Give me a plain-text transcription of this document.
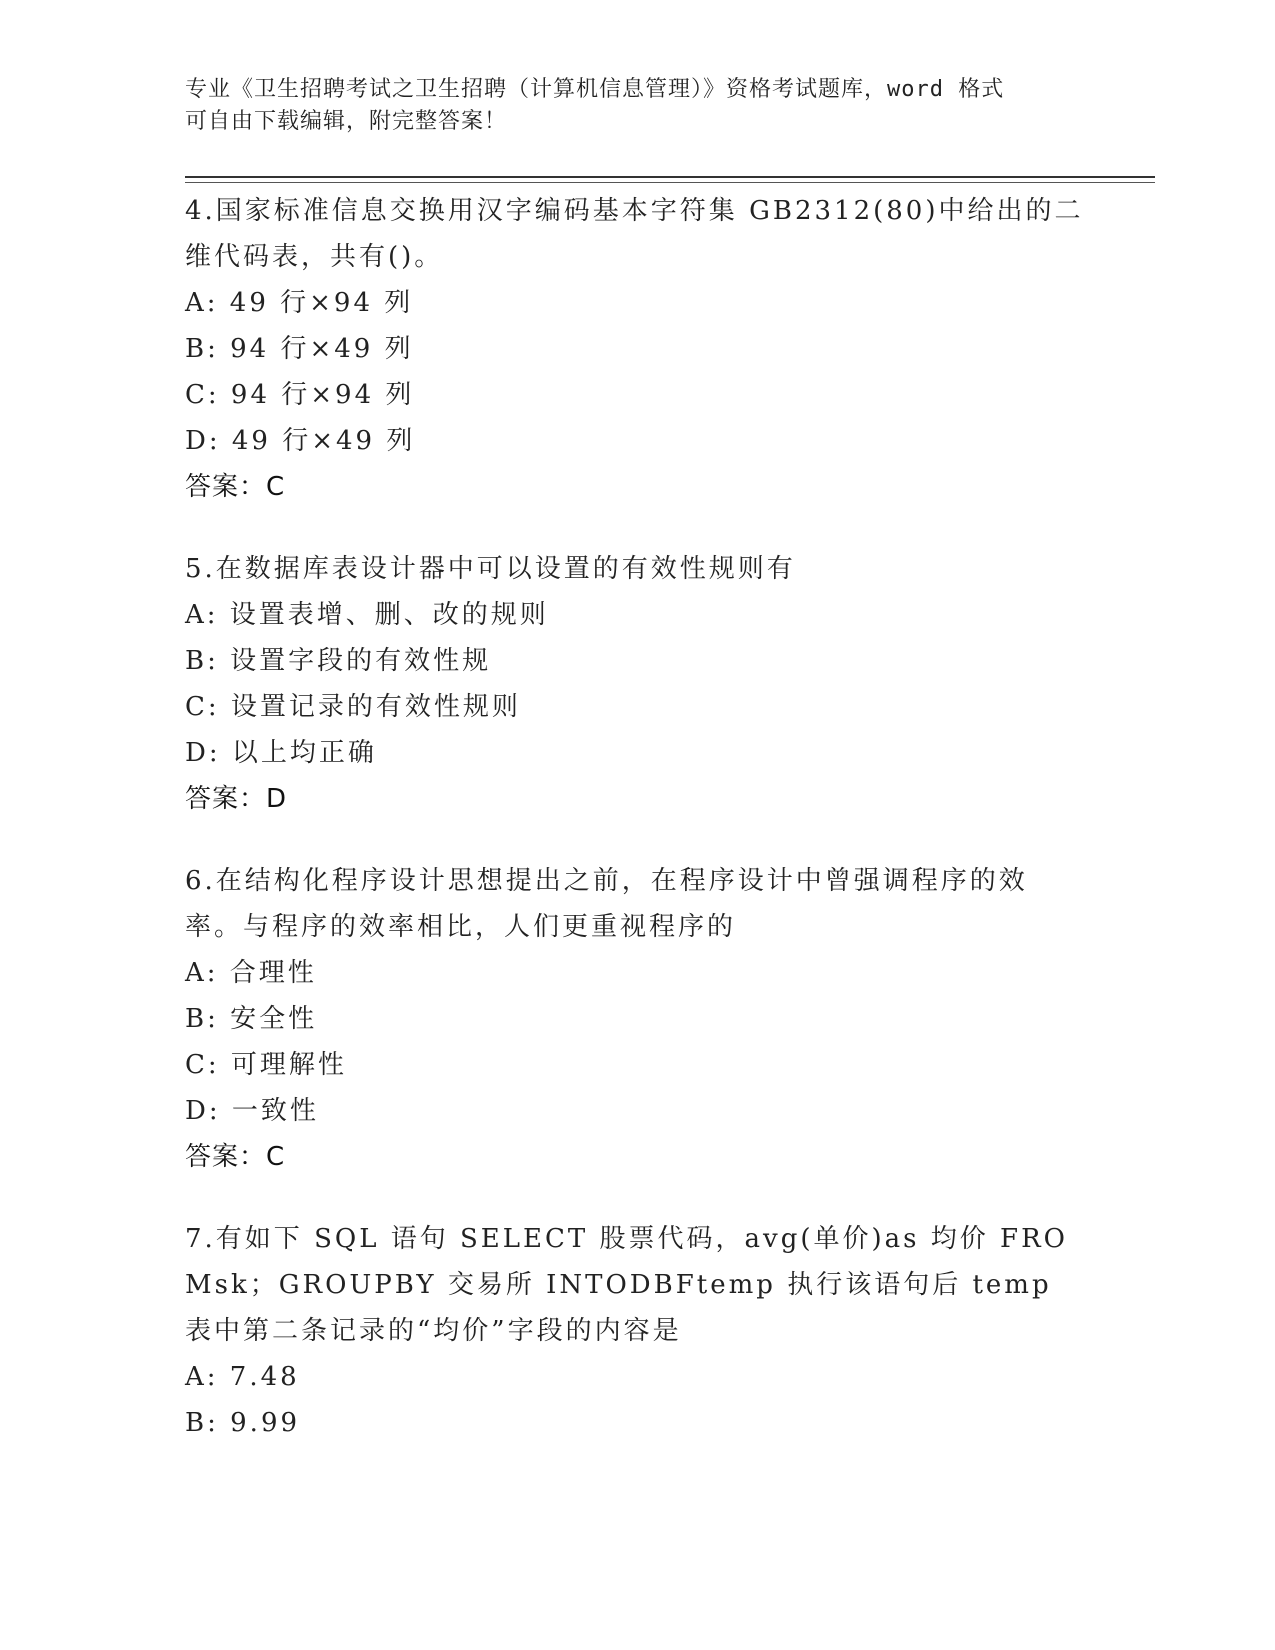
专业《卫生招聘考试之卫生招聘（计算机信息管理）》资格考试题库，word 格式
可自由下载编辑，附完整答案！
4.国家标准信息交换用汉字编码基本字符集 GB2312(80)中给出的二维代码表，共有()。
A: 49 行×94 列
B: 94 行×49 列
C: 94 行×94 列
D: 49 行×49 列
答案：C
5.在数据库表设计器中可以设置的有效性规则有
A: 设置表增、删、改的规则
B: 设置字段的有效性规
C: 设置记录的有效性规则
D: 以上均正确
答案：D
6.在结构化程序设计思想提出之前，在程序设计中曾强调程序的效率。与程序的效率相比，人们更重视程序的
A: 合理性
B: 安全性
C: 可理解性
D: 一致性
答案：C
7.有如下 SQL 语句 SELECT 股票代码，avg(单价)as 均价 FROMsk；GROUPBY 交易所 INTODBFtemp 执行该语句后 temp 表中第二条记录的“均价”字段的内容是
A: 7.48
B: 9.99
